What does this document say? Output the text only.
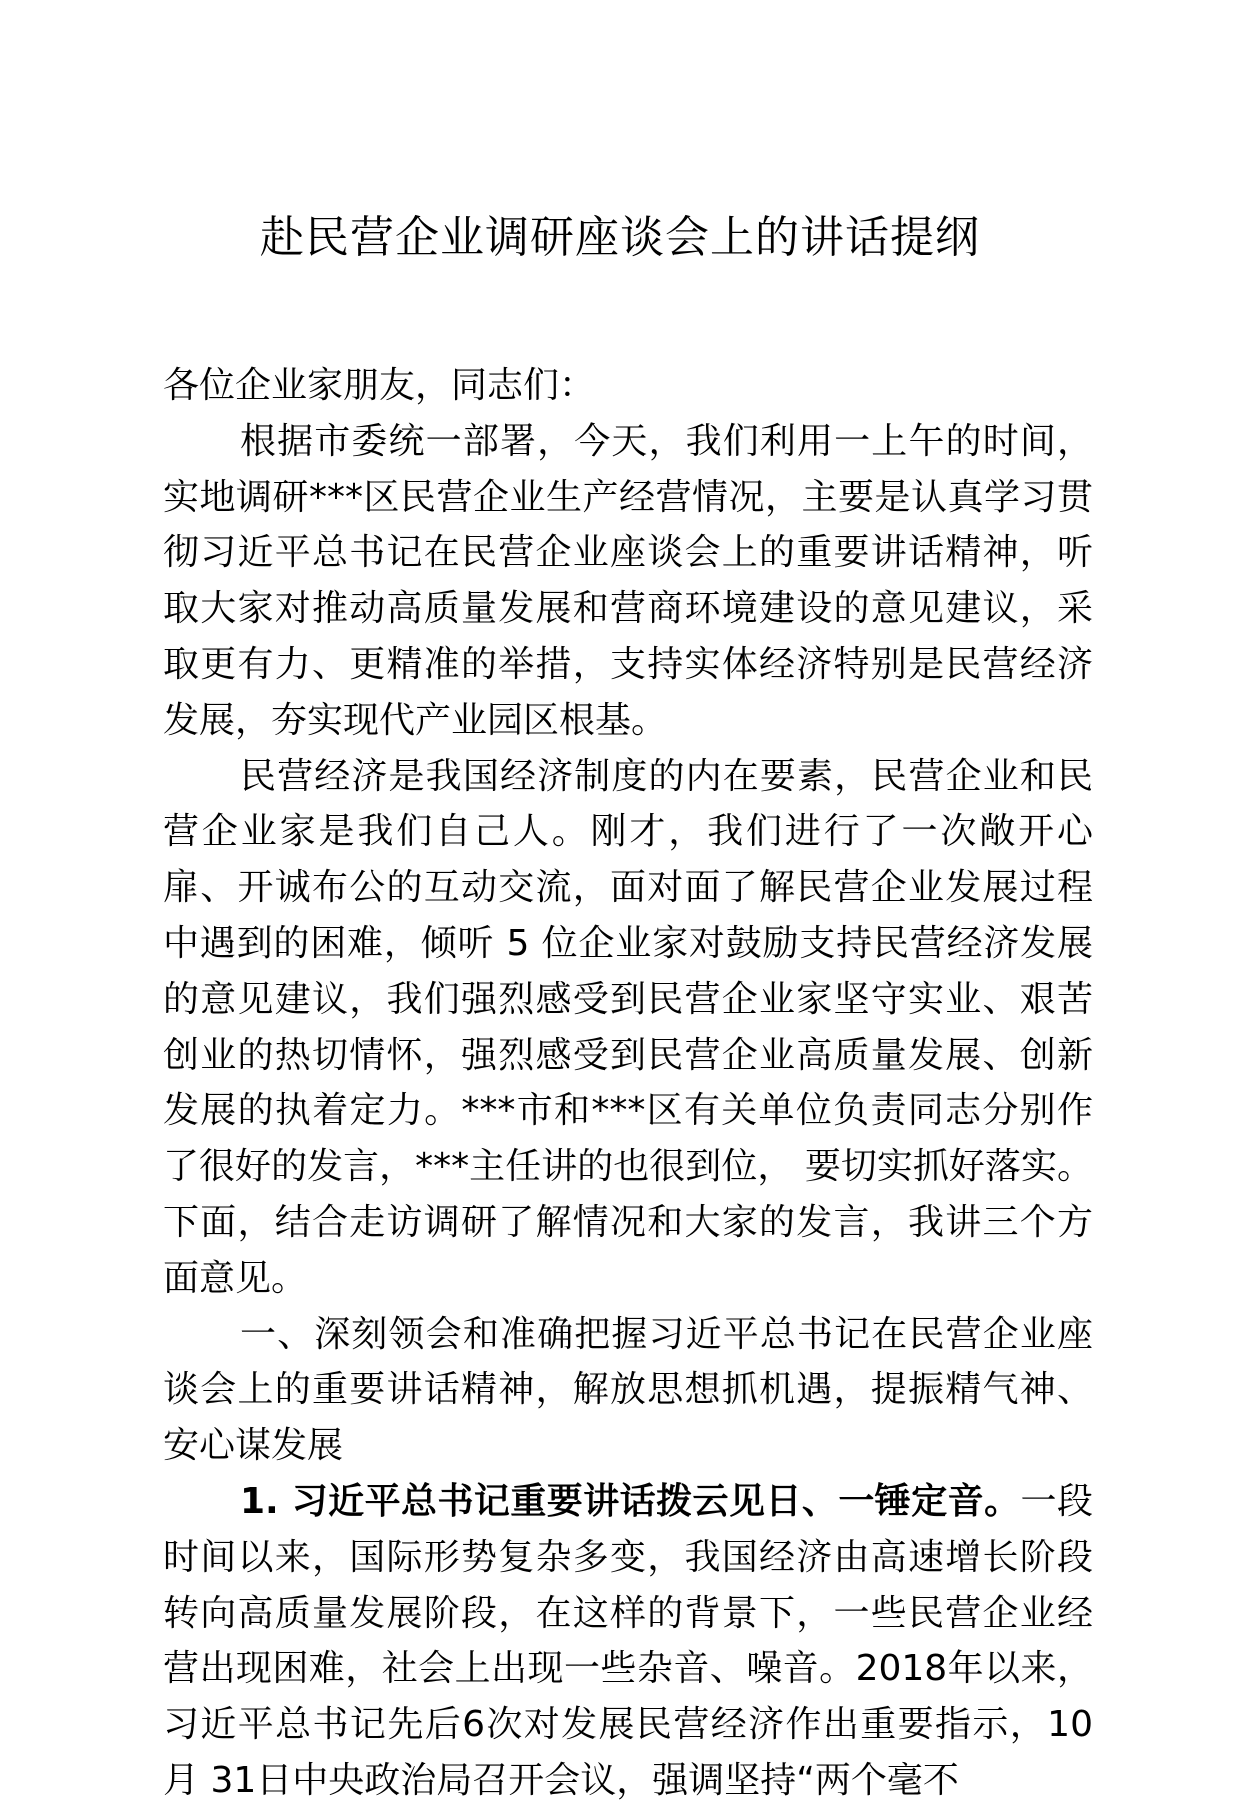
赴民营企业调研座谈会上的讲话提纲

各位企业家朋友，同志们：

根据市委统一部署，今天，我们利用一上午的时间，实地调研***区民营企业生产经营情况，主要是认真学习贯彻习近平总书记在民营企业座谈会上的重要讲话精神，听取大家对推动高质量发展和营商环境建设的意见建议，采取更有力、更精准的举措，支持实体经济特别是民营经济发展，夯实现代产业园区根基。

民营经济是我国经济制度的内在要素，民营企业和民营企业家是我们自己人。刚才，我们进行了一次敞开心扉、开诚布公的互动交流，面对面了解民营企业发展过程中遇到的困难，倾听 5 位企业家对鼓励支持民营经济发展的意见建议，我们强烈感受到民营企业家坚守实业、艰苦创业的热切情怀，强烈感受到民营企业高质量发展、创新发展的执着定力。***市和***区有关单位负责同志分别作了很好的发言，***主任讲的也很到位， 要切实抓好落实。下面，结合走访调研了解情况和大家的发言，我讲三个方面意见。

一、深刻领会和准确把握习近平总书记在民营企业座谈会上的重要讲话精神，解放思想抓机遇，提振精气神、安心谋发展

1. 习近平总书记重要讲话拨云见日、一锤定音。一段时间以来，国际形势复杂多变，我国经济由高速增长阶段转向高质量发展阶段，在这样的背景下，一些民营企业经营出现困难，社会上出现一些杂音、噪音。2018年以来，习近平总书记先后6次对发展民营经济作出重要指示，10月 31日中央政治局召开会议，强调坚持“两个毫不
